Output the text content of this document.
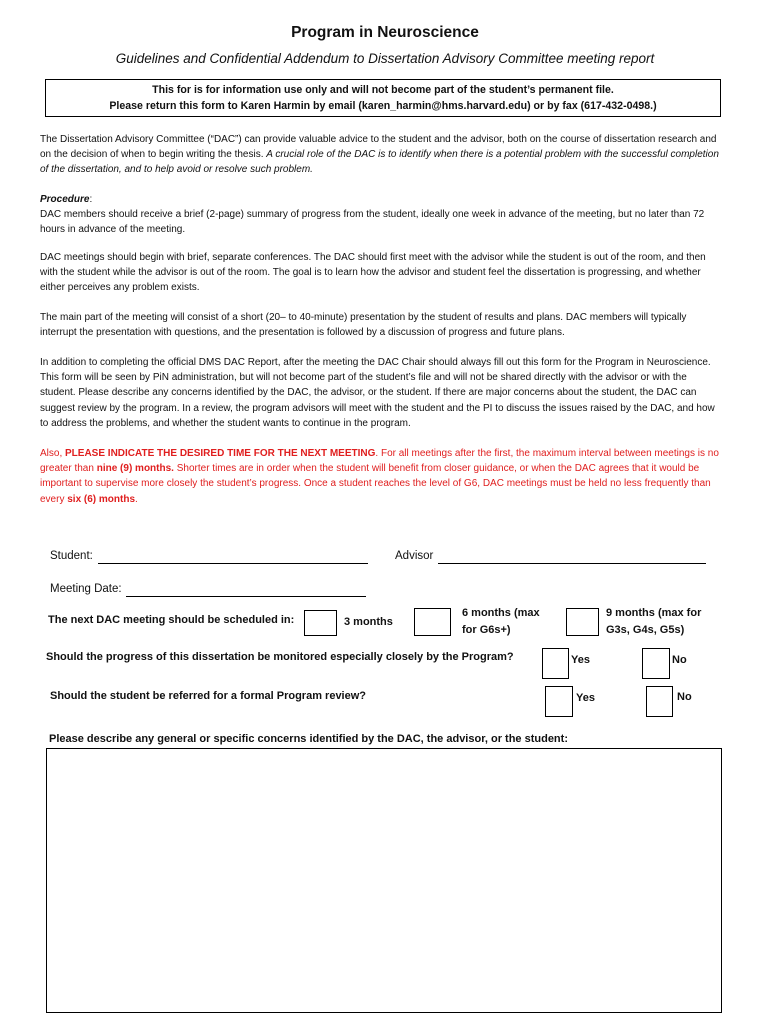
Program in Neuroscience
Guidelines and Confidential Addendum to Dissertation Advisory Committee meeting report
This for is for information use only and will not become part of the student’s permanent file.
Please return this form to Karen Harmin by email (karen_harmin@hms.harvard.edu) or by fax (617-432-0498.)

The Dissertation Advisory Committee (“DAC”) can provide valuable advice to the student and the advisor, both on the course of dissertation research and on the decision of when to begin writing the thesis. A crucial role of the DAC is to identify when there is a potential problem with the successful completion of the dissertation, and to help avoid or resolve such problem.

Procedure:

DAC members should receive a brief (2-page) summary of progress from the student, ideally one week in advance of the meeting, but no later than 72 hours in advance of the meeting.

DAC meetings should begin with brief, separate conferences. The DAC should first meet with the advisor while the student is out of the room, and then with the student while the advisor is out of the room. The goal is to learn how the advisor and student feel the dissertation is progressing, and whether either perceives any problem exists.

The main part of the meeting will consist of a short (20– to 40-minute) presentation by the student of results and plans. DAC members will typically interrupt the presentation with questions, and the presentation is followed by a discussion of progress and future plans.

In addition to completing the official DMS DAC Report, after the meeting the DAC Chair should always fill out this form for the Program in Neuroscience. This form will be seen by PiN administration, but will not become part of the student’s file and will not be shared directly with the advisor or with the student. Please describe any concerns identified by the DAC, the advisor, or the student. If there are major concerns about the student, the DAC can suggest review by the program. In a review, the program advisors will meet with the student and the PI to discuss the issues raised by the DAC, and how to address the problems, and whether the student wants to continue in the program.

Also, PLEASE INDICATE THE DESIRED TIME FOR THE NEXT MEETING. For all meetings after the first, the maximum interval between meetings is no greater than nine (9) months. Shorter times are in order when the student will benefit from closer guidance, or when the DAC agrees that it would be important to supervise more closely the student’s progress. Once a student reaches the level of G6, DAC meetings must be held no less frequently than every six (6) months.

Student:	Advisor
Meeting Date:
The next DAC meeting should be scheduled in:	3 months
6 months (max
for G6s+)
9 months (max for
G3s, G4s, G5s)
Should the progress of this dissertation be monitored especially closely by the Program?	Yes	No
Should the student be referred for a formal Program review?	Yes	No
Please describe any general or specific concerns identified by the DAC, the advisor, or the student:
